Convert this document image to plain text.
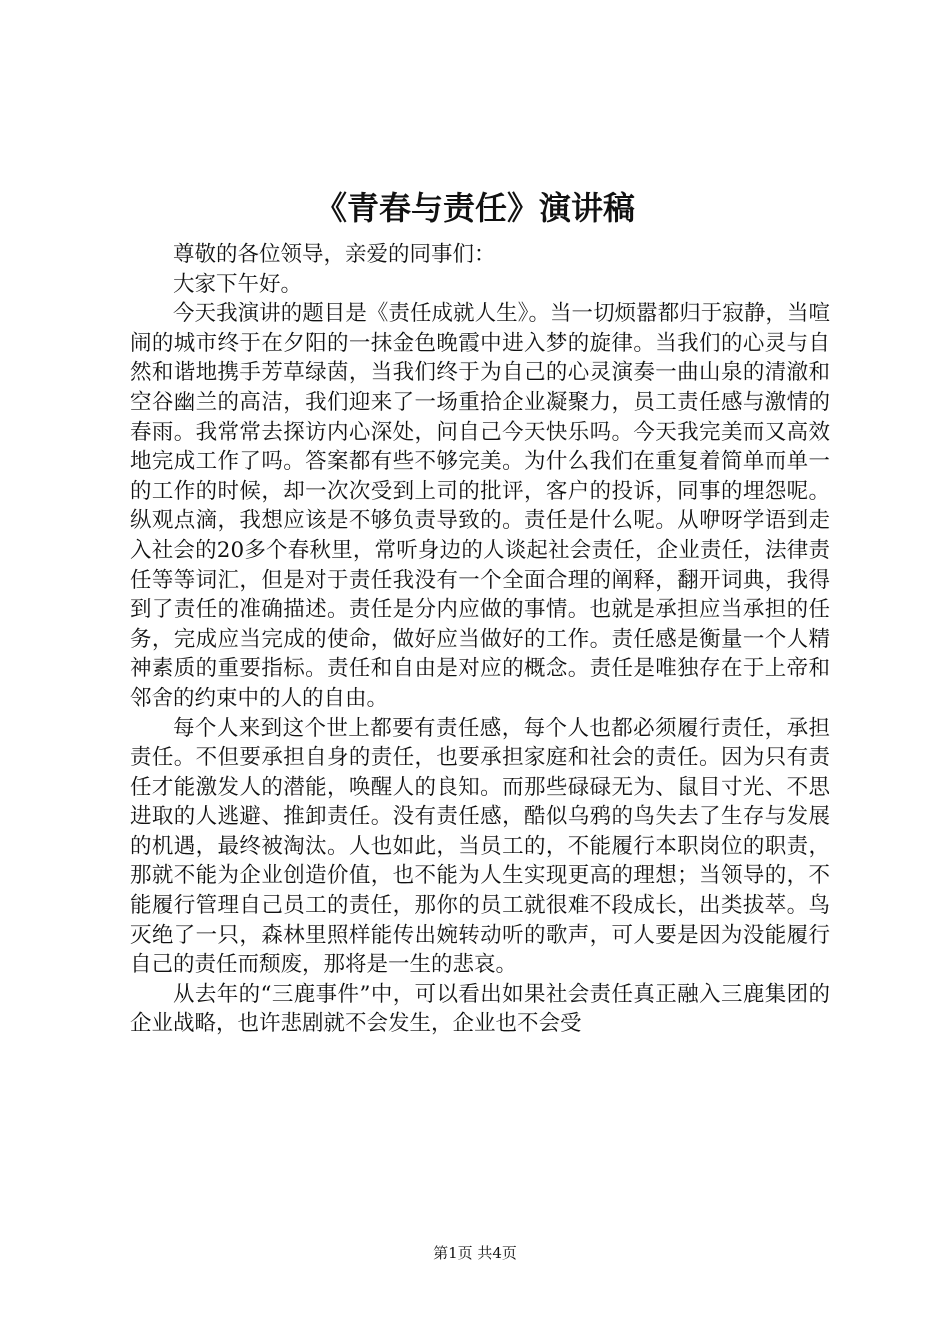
《青春与责任》演讲稿

尊敬的各位领导，亲爱的同事们：

大家下午好。

今天我演讲的题目是《责任成就人生》。当一切烦嚣都归于寂静，当喧闹的城市终于在夕阳的一抹金色晚霞中进入梦的旋律。当我们的心灵与自然和谐地携手芳草绿茵，当我们终于为自己的心灵演奏一曲山泉的清澈和空谷幽兰的高洁，我们迎来了一场重拾企业凝聚力，员工责任感与激情的春雨。我常常去探访内心深处，问自己今天快乐吗。今天我完美而又高效地完成工作了吗。答案都有些不够完美。为什么我们在重复着简单而单一的工作的时候，却一次次受到上司的批评，客户的投诉，同事的埋怨呢。纵观点滴，我想应该是不够负责导致的。责任是什么呢。从咿呀学语到走入社会的20多个春秋里，常听身边的人谈起社会责任，企业责任，法律责任等等词汇，但是对于责任我没有一个全面合理的阐释，翻开词典，我得到了责任的准确描述。责任是分内应做的事情。也就是承担应当承担的任务，完成应当完成的使命，做好应当做好的工作。责任感是衡量一个人精神素质的重要指标。责任和自由是对应的概念。责任是唯独存在于上帝和邻舍的约束中的人的自由。

每个人来到这个世上都要有责任感，每个人也都必须履行责任，承担责任。不但要承担自身的责任，也要承担家庭和社会的责任。因为只有责任才能激发人的潜能，唤醒人的良知。而那些碌碌无为、鼠目寸光、不思进取的人逃避、推卸责任。没有责任感，酷似乌鸦的鸟失去了生存与发展的机遇，最终被淘汰。人也如此，当员工的，不能履行本职岗位的职责，那就不能为企业创造价值，也不能为人生实现更高的理想；当领导的，不能履行管理自己员工的责任，那你的员工就很难不段成长，出类拔萃。鸟灭绝了一只，森林里照样能传出婉转动听的歌声，可人要是因为没能履行自己的责任而颓废，那将是一生的悲哀。

从去年的“三鹿事件”中，可以看出如果社会责任真正融入三鹿集团的企业战略，也许悲剧就不会发生，企业也不会受

第1页 共4页
